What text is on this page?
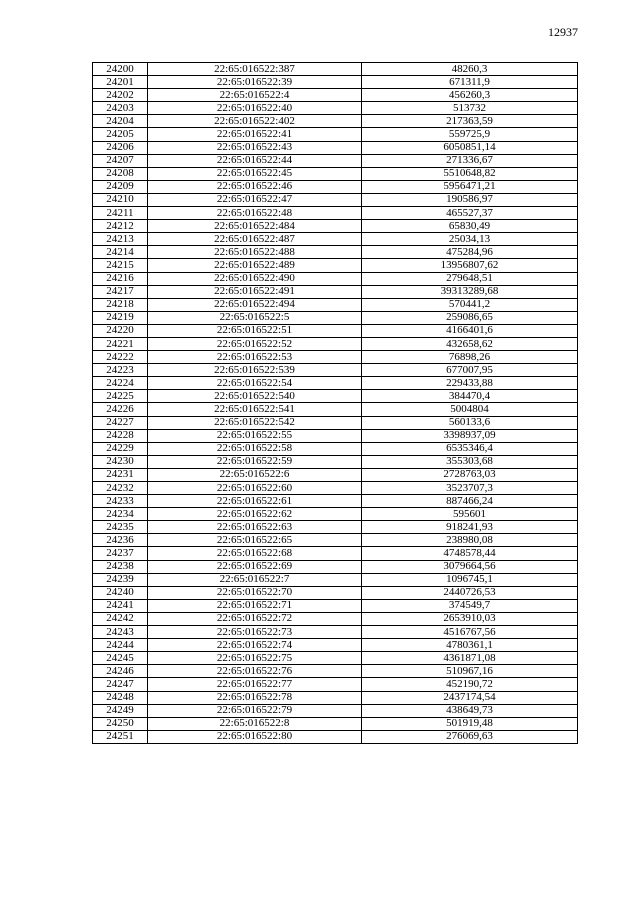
12937
24200	22:65:016522:387	48260,3
24201	22:65:016522:39	671311,9
24202	22:65:016522:4	456260,3
24203	22:65:016522:40	513732
24204	22:65:016522:402	217363,59
24205	22:65:016522:41	559725,9
24206	22:65:016522:43	6050851,14
24207	22:65:016522:44	271336,67
24208	22:65:016522:45	5510648,82
24209	22:65:016522:46	5956471,21
24210	22:65:016522:47	190586,97
24211	22:65:016522:48	465527,37
24212	22:65:016522:484	65830,49
24213	22:65:016522:487	25034,13
24214	22:65:016522:488	475284,96
24215	22:65:016522:489	13956807,62
24216	22:65:016522:490	279648,51
24217	22:65:016522:491	39313289,68
24218	22:65:016522:494	570441,2
24219	22:65:016522:5	259086,65
24220	22:65:016522:51	4166401,6
24221	22:65:016522:52	432658,62
24222	22:65:016522:53	76898,26
24223	22:65:016522:539	677007,95
24224	22:65:016522:54	229433,88
24225	22:65:016522:540	384470,4
24226	22:65:016522:541	5004804
24227	22:65:016522:542	560133,6
24228	22:65:016522:55	3398937,09
24229	22:65:016522:58	6535346,4
24230	22:65:016522:59	355303,68
24231	22:65:016522:6	2728763,03
24232	22:65:016522:60	3523707,3
24233	22:65:016522:61	887466,24
24234	22:65:016522:62	595601
24235	22:65:016522:63	918241,93
24236	22:65:016522:65	238980,08
24237	22:65:016522:68	4748578,44
24238	22:65:016522:69	3079664,56
24239	22:65:016522:7	1096745,1
24240	22:65:016522:70	2440726,53
24241	22:65:016522:71	374549,7
24242	22:65:016522:72	2653910,03
24243	22:65:016522:73	4516767,56
24244	22:65:016522:74	4780361,1
24245	22:65:016522:75	4361871,08
24246	22:65:016522:76	510967,16
24247	22:65:016522:77	452190,72
24248	22:65:016522:78	2437174,54
24249	22:65:016522:79	438649,73
24250	22:65:016522:8	501919,48
24251	22:65:016522:80	276069,63
